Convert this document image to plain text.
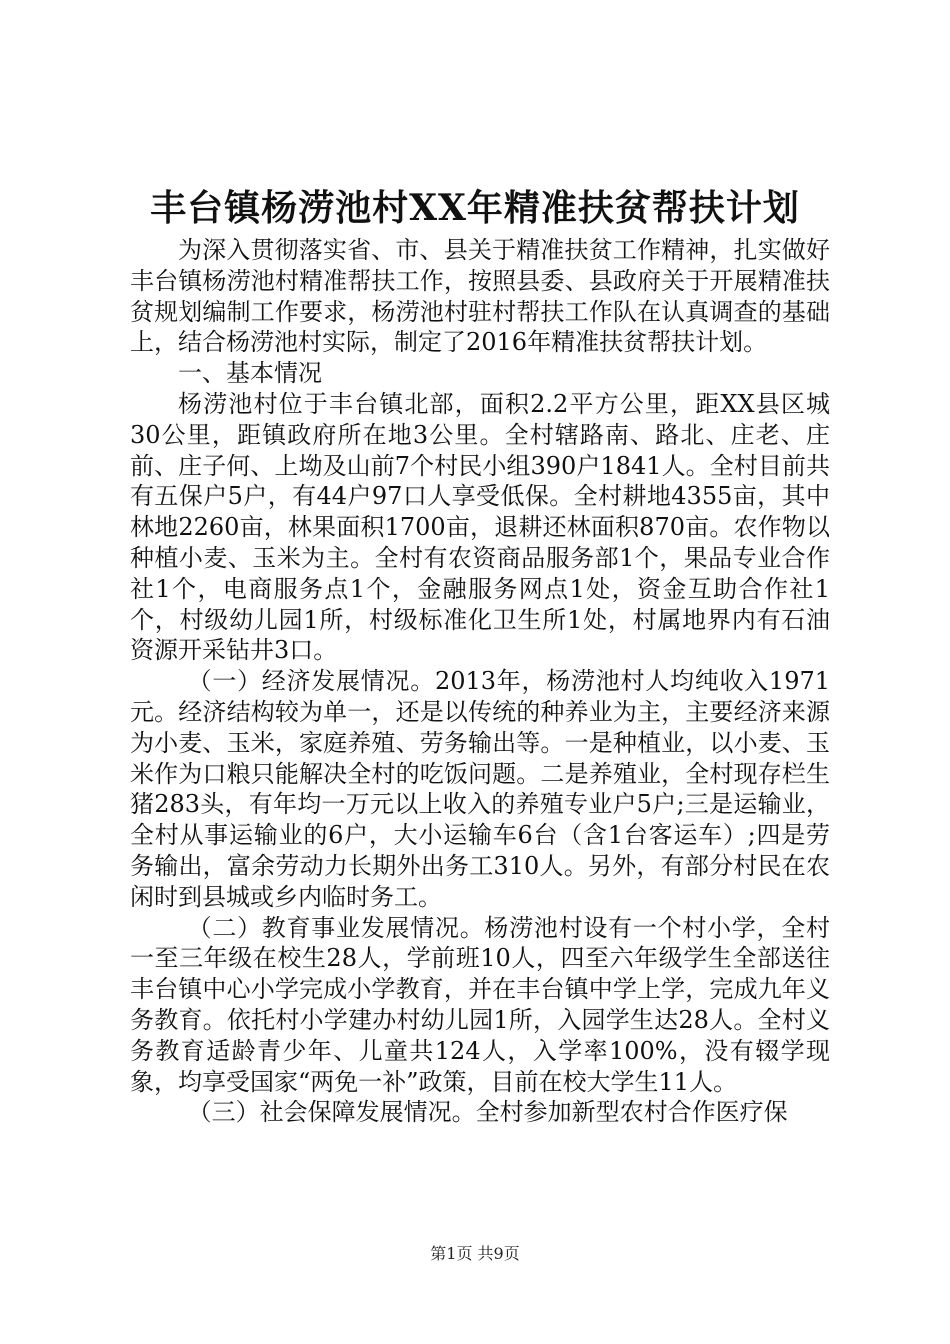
丰台镇杨涝池村XX年精准扶贫帮扶计划

为深入贯彻落实省、市、县关于精准扶贫工作精神，扎实做好丰台镇杨涝池村精准帮扶工作，按照县委、县政府关于开展精准扶贫规划编制工作要求，杨涝池村驻村帮扶工作队在认真调查的基础上，结合杨涝池村实际，制定了2016年精准扶贫帮扶计划。

一、基本情况

杨涝池村位于丰台镇北部，面积2.2平方公里，距XX县区城30公里，距镇政府所在地3公里。全村辖路南、路北、庄老、庄前、庄子何、上坳及山前7个村民小组390户1841人。全村目前共有五保户5户，有44户97口人享受低保。全村耕地4355亩，其中林地2260亩，林果面积1700亩，退耕还林面积870亩。农作物以种植小麦、玉米为主。全村有农资商品服务部1个，果品专业合作社1个，电商服务点1个，金融服务网点1处，资金互助合作社1个，村级幼儿园1所，村级标准化卫生所1处，村属地界内有石油资源开采钻井3口。

（一）经济发展情况。2013年，杨涝池村人均纯收入1971元。经济结构较为单一，还是以传统的种养业为主，主要经济来源为小麦、玉米，家庭养殖、劳务输出等。一是种植业，以小麦、玉米作为口粮只能解决全村的吃饭问题。二是养殖业，全村现存栏生猪283头，有年均一万元以上收入的养殖专业户5户;三是运输业，全村从事运输业的6户，大小运输车6台（含1台客运车）;四是劳务输出，富余劳动力长期外出务工310人。另外，有部分村民在农闲时到县城或乡内临时务工。

（二）教育事业发展情况。杨涝池村设有一个村小学，全村一至三年级在校生28人，学前班10人，四至六年级学生全部送往丰台镇中心小学完成小学教育，并在丰台镇中学上学，完成九年义务教育。依托村小学建办村幼儿园1所，入园学生达28人。全村义务教育适龄青少年、儿童共124人，入学率100%，没有辍学现象，均享受国家“两免一补”政策，目前在校大学生11人。

（三）社会保障发展情况。全村参加新型农村合作医疗保

第1页 共9页
